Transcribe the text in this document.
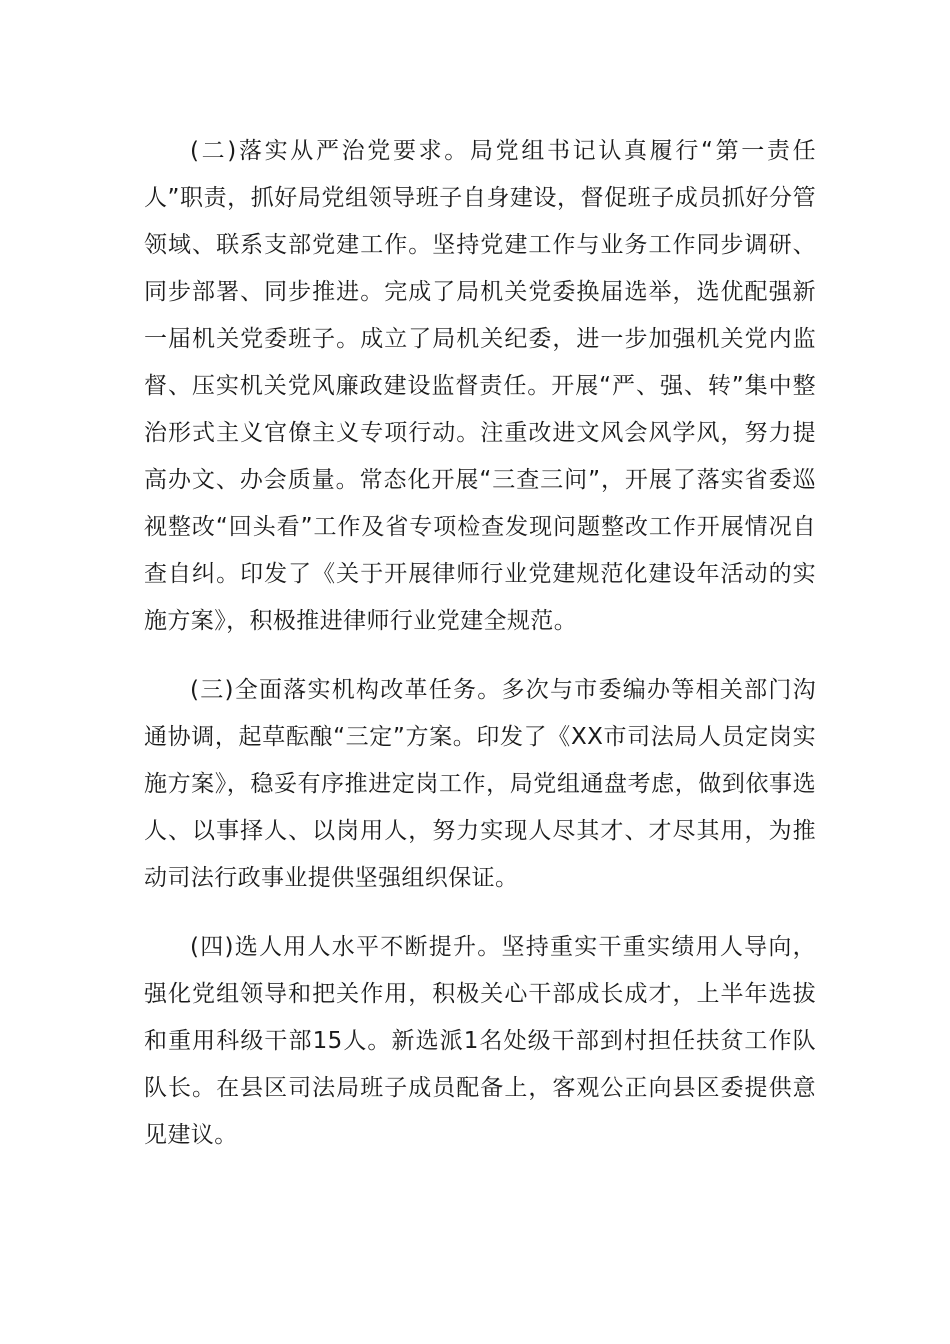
(二)落实从严治党要求。局党组书记认真履行“第一责任人”职责，抓好局党组领导班子自身建设，督促班子成员抓好分管领域、联系支部党建工作。坚持党建工作与业务工作同步调研、同步部署、同步推进。完成了局机关党委换届选举，选优配强新一届机关党委班子。成立了局机关纪委，进一步加强机关党内监督、压实机关党风廉政建设监督责任。开展“严、强、转”集中整治形式主义官僚主义专项行动。注重改进文风会风学风，努力提高办文、办会质量。常态化开展“三查三问”，开展了落实省委巡视整改“回头看”工作及省专项检查发现问题整改工作开展情况自查自纠。印发了《关于开展律师行业党建规范化建设年活动的实施方案》，积极推进律师行业党建全规范。

(三)全面落实机构改革任务。多次与市委编办等相关部门沟通协调，起草酝酿“三定”方案。印发了《XX市司法局人员定岗实施方案》，稳妥有序推进定岗工作，局党组通盘考虑，做到依事选人、以事择人、以岗用人，努力实现人尽其才、才尽其用，为推动司法行政事业提供坚强组织保证。

(四)选人用人水平不断提升。坚持重实干重实绩用人导向，强化党组领导和把关作用，积极关心干部成长成才，上半年选拔和重用科级干部15人。新选派1名处级干部到村担任扶贫工作队队长。在县区司法局班子成员配备上，客观公正向县区委提供意见建议。
